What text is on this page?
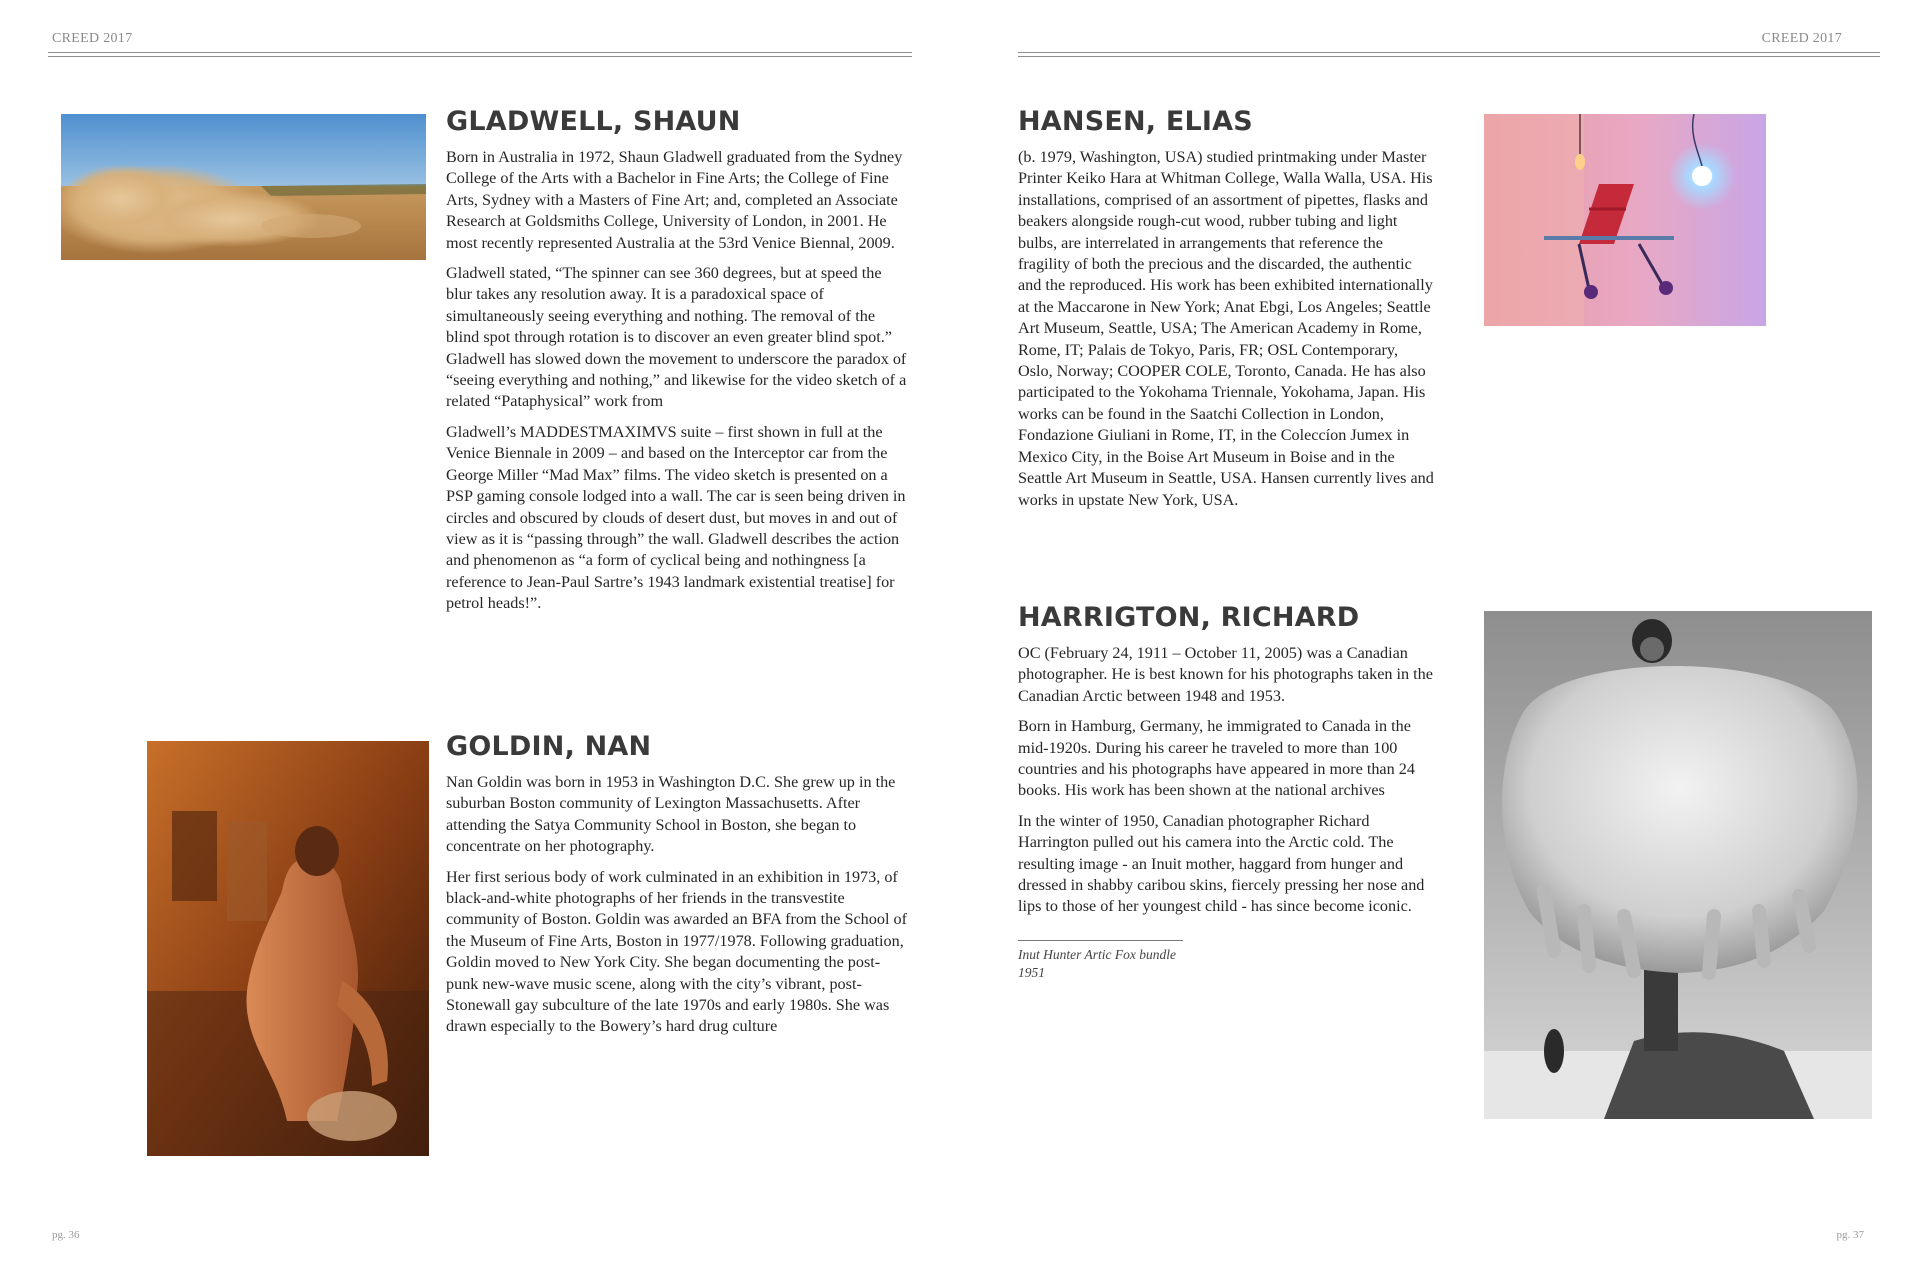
CREED 2017
GLADWELL, SHAUN

Born in Australia in 1972, Shaun Gladwell graduated from the Sydney College of the Arts with a Bachelor in Fine Arts; the College of Fine Arts, Sydney with a Masters of Fine Art; and, completed an Associate Research at Goldsmiths College, University of London, in 2001. He most recently represented Australia at the 53rd Venice Biennal, 2009.

Gladwell stated, “The spinner can see 360 degrees, but at speed the blur takes any resolution away. It is a paradoxical space of simultaneously seeing everything and nothing. The removal of the blind spot through rotation is to discover an even greater blind spot.” Gladwell has slowed down the movement to underscore the paradox of “seeing everything and nothing,” and likewise for the video sketch of a related “Pataphysical” work from

Gladwell’s MADDESTMAXIMVS suite – first shown in full at the Venice Biennale in 2009 – and based on the Interceptor car from the George Miller “Mad Max” films. The video sketch is presented on a PSP gaming console lodged into a wall. The car is seen being driven in circles and obscured by clouds of desert dust, but moves in and out of view as it is “passing through” the wall. Gladwell describes the action and phenomenon as “a form of cyclical being and nothingness [a reference to Jean-Paul Sartre’s 1943 landmark existential treatise] for petrol heads!”.

GOLDIN, NAN

Nan Goldin was born in 1953 in Washington D.C. She grew up in the suburban Boston community of Lexington Massachusetts. After attending the Satya Community School in Boston, she began to concentrate on her photography.

Her first serious body of work culminated in an exhibition in 1973, of black-and-white photographs of her friends in the transvestite community of Boston. Goldin was awarded an BFA from the School of the Museum of Fine Arts, Boston in 1977/1978. Following graduation, Goldin moved to New York City. She began documenting the post-punk new-wave music scene, along with the city’s vibrant, post-Stonewall gay subculture of the late 1970s and early 1980s. She was drawn especially to the Bowery’s hard drug culture

pg. 36
CREED 2017
HANSEN, ELIAS

(b. 1979, Washington, USA) studied printmaking under Master Printer Keiko Hara at Whitman College, Walla Walla, USA. His installations, comprised of an assortment of pipettes, flasks and beakers alongside rough-cut wood, rubber tubing and light bulbs, are interrelated in arrangements that reference the fragility of both the precious and the discarded, the authentic and the reproduced. His work has been exhibited internationally at the Maccarone in New York; Anat Ebgi, Los Angeles; Seattle Art Museum, Seattle, USA; The American Academy in Rome, Rome, IT; Palais de Tokyo, Paris, FR; OSL Contemporary, Oslo, Norway; COOPER COLE, Toronto, Canada. He has also participated to the Yokohama Triennale, Yokohama, Japan. His works can be found in the Saatchi Collection in London, Fondazione Giuliani in Rome, IT, in the Coleccíon Jumex in Mexico City, in the Boise Art Museum in Boise and in the Seattle Art Museum in Seattle, USA. Hansen currently lives and works in upstate New York, USA.

HARRIGTON, RICHARD

OC (February 24, 1911 – October 11, 2005) was a Canadian photographer. He is best known for his photographs taken in the Canadian Arctic between 1948 and 1953.

Born in Hamburg, Germany, he immigrated to Canada in the mid-1920s. During his career he traveled to more than 100 countries and his photographs have appeared in more than 24 books. His work has been shown at the national archives

In the winter of 1950, Canadian photographer Richard Harrington pulled out his camera into the Arctic cold. The resulting image - an Inuit mother, haggard from hunger and dressed in shabby caribou skins, fiercely pressing her nose and lips to those of her youngest child - has since become iconic.

Inut Hunter Artic Fox bundle
1951
pg. 37
